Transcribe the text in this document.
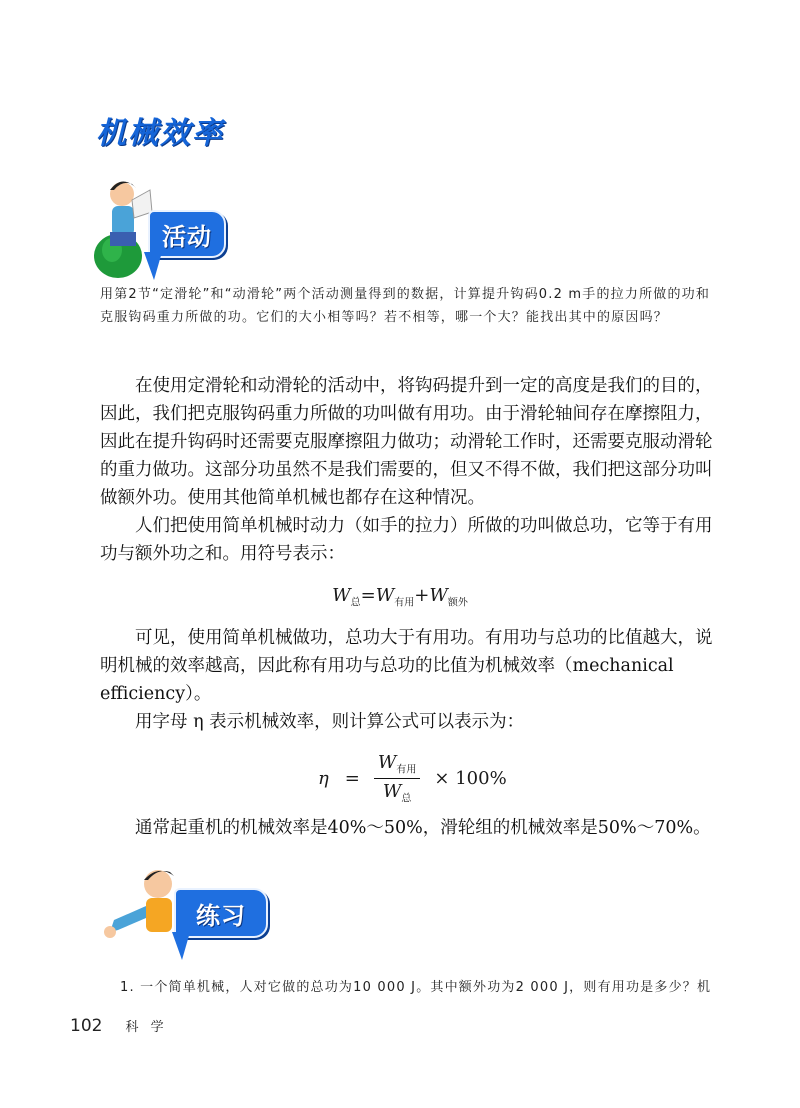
机械效率
活动
用第2节“定滑轮”和“动滑轮”两个活动测量得到的数据，计算提升钩码0.2 m手的拉力所做的功和克服钩码重力所做的功。它们的大小相等吗？若不相等，哪一个大？能找出其中的原因吗？

在使用定滑轮和动滑轮的活动中，将钩码提升到一定的高度是我们的目的，因此，我们把克服钩码重力所做的功叫做有用功。由于滑轮轴间存在摩擦阻力，因此在提升钩码时还需要克服摩擦阻力做功；动滑轮工作时，还需要克服动滑轮的重力做功。这部分功虽然不是我们需要的，但又不得不做，我们把这部分功叫做额外功。使用其他简单机械也都存在这种情况。

人们把使用简单机械时动力（如手的拉力）所做的功叫做总功，它等于有用功与额外功之和。用符号表示：

$W_总=W_{有用}+W_{额外}$

可见，使用简单机械做功，总功大于有用功。有用功与总功的比值越大，说明机械的效率越高，因此称有用功与总功的比值为机械效率（mechanical efficiency）。

用字母 η 表示机械效率，则计算公式可以表示为：

$\eta = \frac{W_{有用}}{W_总} \times 100\%$

通常起重机的机械效率是40%～50%，滑轮组的机械效率是50%～70%。

练习
1. 一个简单机械，人对它做的总功为10 000 J。其中额外功为2 000 J，则有用功是多少？机
102 科 学
